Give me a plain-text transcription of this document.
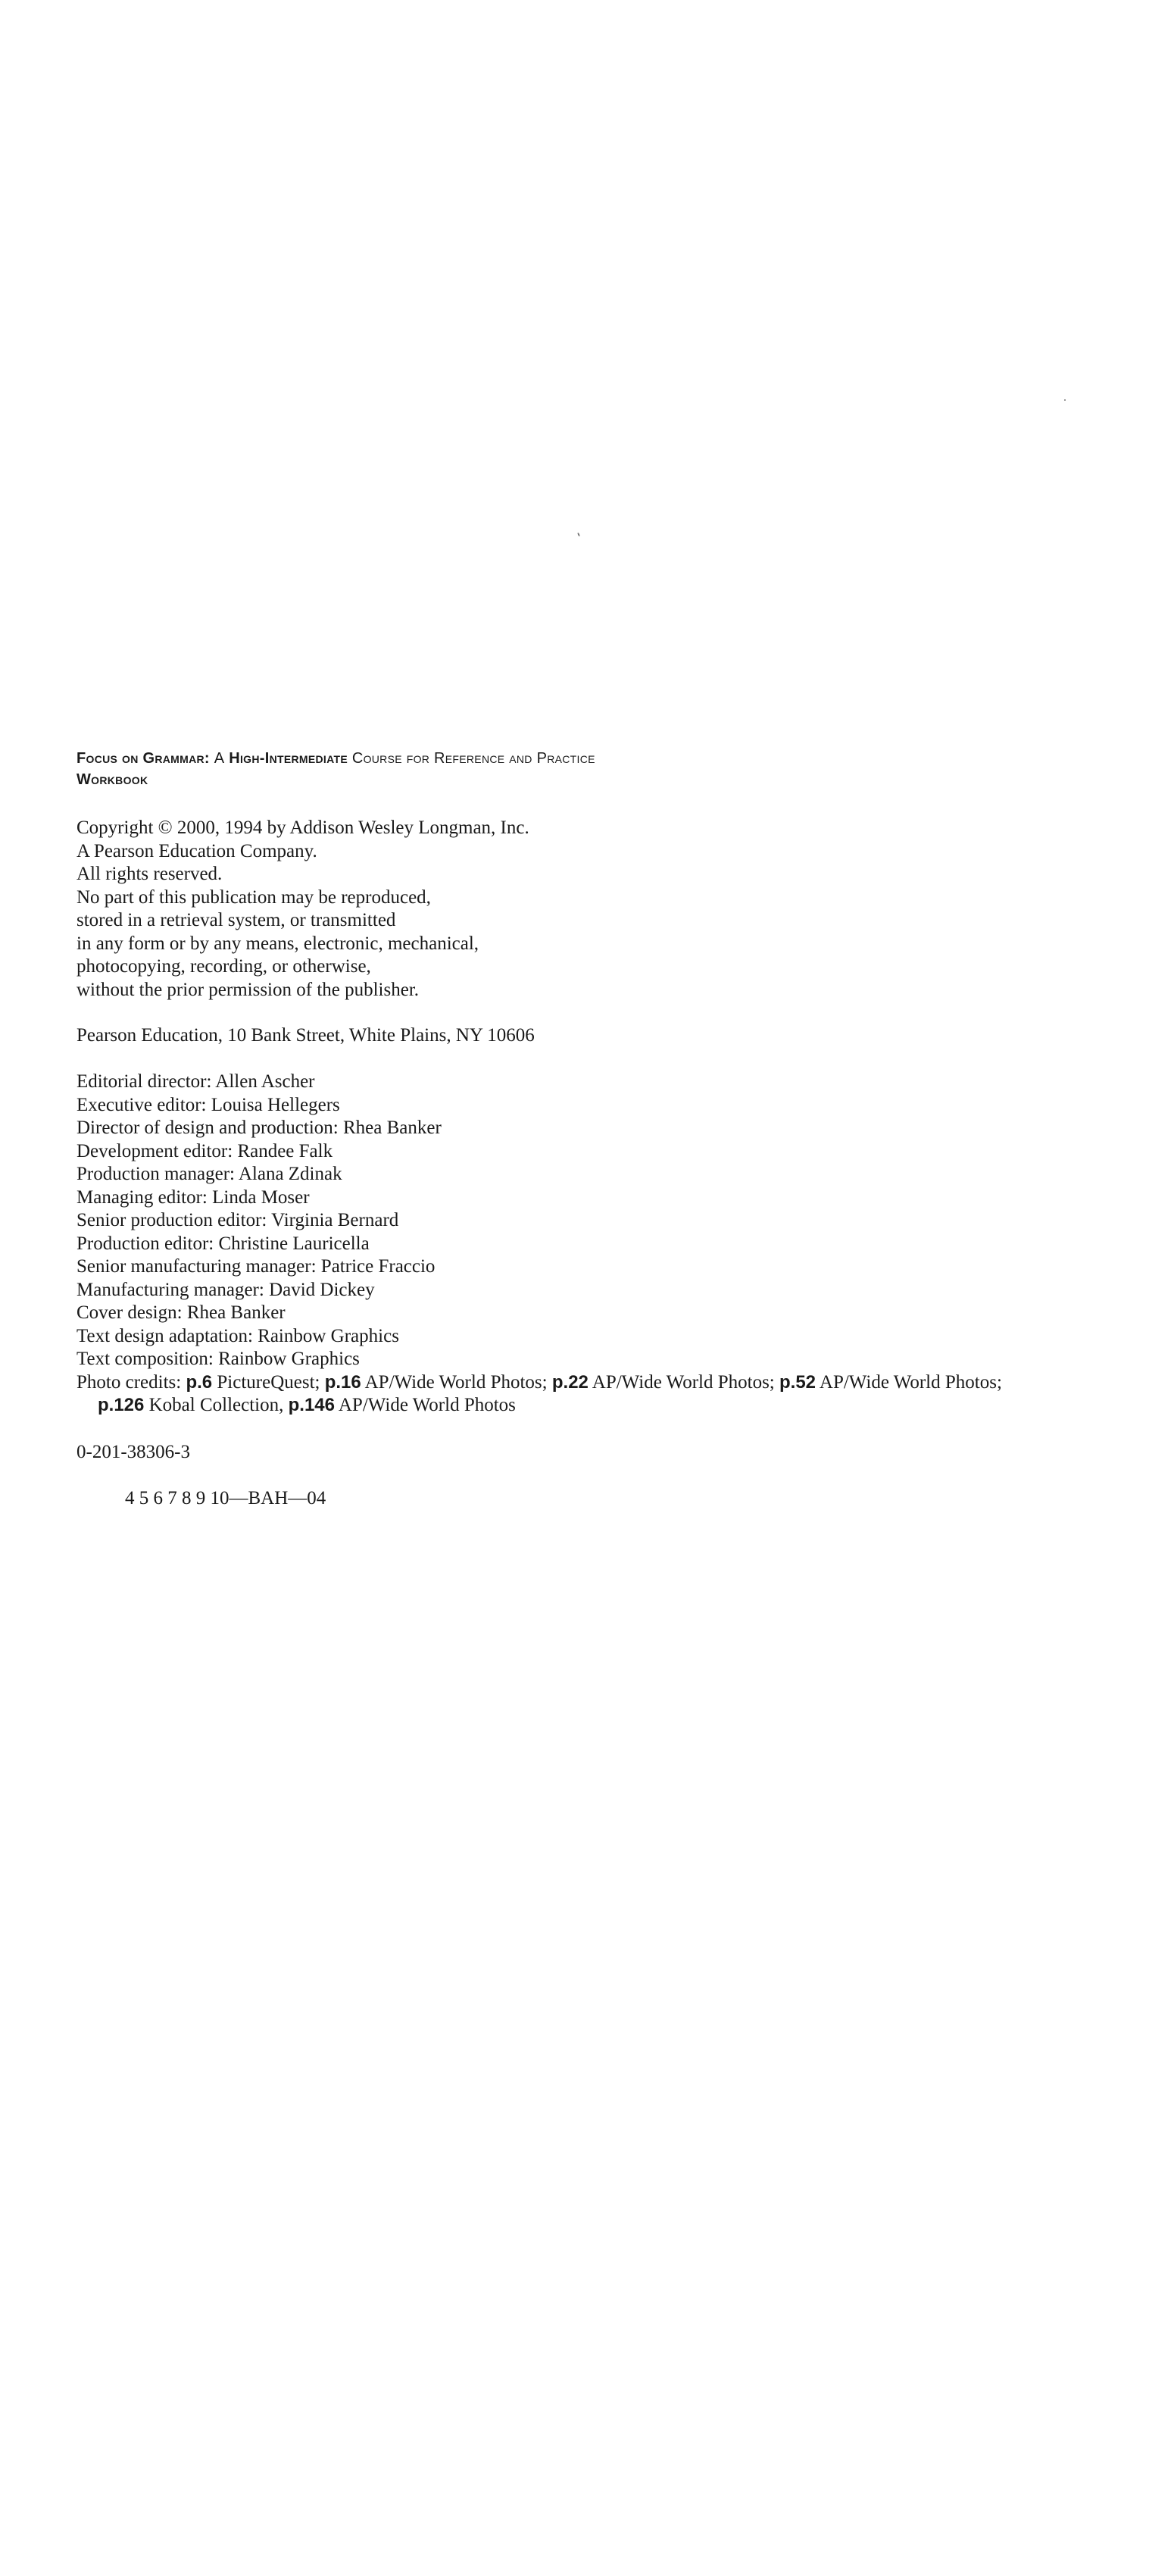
Focus on Grammar: A High-Intermediate Course for Reference and Practice
Workbook
Copyright © 2000, 1994 by Addison Wesley Longman, Inc.
A Pearson Education Company.
All rights reserved.
No part of this publication may be reproduced,
stored in a retrieval system, or transmitted
in any form or by any means, electronic, mechanical,
photocopying, recording, or otherwise,
without the prior permission of the publisher.
Pearson Education, 10 Bank Street, White Plains, NY 10606
Editorial director: Allen Ascher
Executive editor: Louisa Hellegers
Director of design and production: Rhea Banker
Development editor: Randee Falk
Production manager: Alana Zdinak
Managing editor: Linda Moser
Senior production editor: Virginia Bernard
Production editor: Christine Lauricella
Senior manufacturing manager: Patrice Fraccio
Manufacturing manager: David Dickey
Cover design: Rhea Banker
Text design adaptation: Rainbow Graphics
Text composition: Rainbow Graphics
Photo credits: p.6 PictureQuest; p.16 AP/Wide World Photos; p.22 AP/Wide World Photos; p.52 AP/Wide World Photos; p.126 Kobal Collection, p.146 AP/Wide World Photos
0-201-38306-3
4 5 6 7 8 9 10—BAH—04
